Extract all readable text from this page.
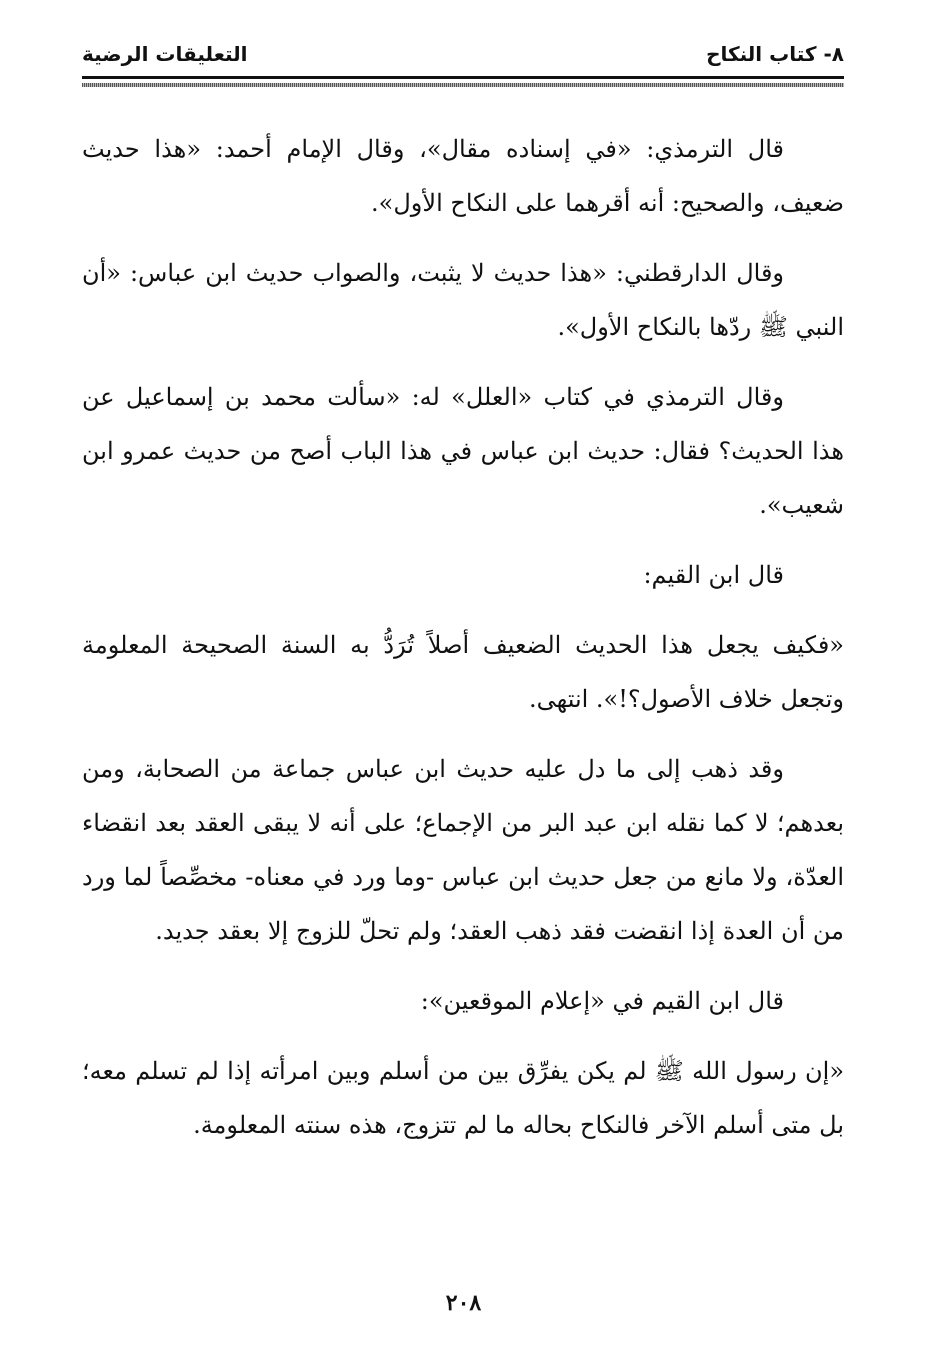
٨- كتاب النكاح
التعليقات الرضية

قال الترمذي: «في إسناده مقال»، وقال الإمام أحمد: «هذا حديث ضعيف، والصحيح: أنه أقرهما على النكاح الأول».

وقال الدارقطني: «هذا حديث لا يثبت، والصواب حديث ابن عباس: «أن النبي ﷺ ردّها بالنكاح الأول».

وقال الترمذي في كتاب «العلل» له: «سألت محمد بن إسماعيل عن هذا الحديث؟ فقال: حديث ابن عباس في هذا الباب أصح من حديث عمرو ابن شعيب».

قال ابن القيم:

«فكيف يجعل هذا الحديث الضعيف أصلاً تُرَدُّ به السنة الصحيحة المعلومة وتجعل خلاف الأصول؟!». انتهى.

وقد ذهب إلى ما دل عليه حديث ابن عباس جماعة من الصحابة، ومن بعدهم؛ لا كما نقله ابن عبد البر من الإجماع؛ على أنه لا يبقى العقد بعد انقضاء العدّة، ولا مانع من جعل حديث ابن عباس -وما ورد في معناه- مخصِّصاً لما ورد من أن العدة إذا انقضت فقد ذهب العقد؛ ولم تحلّ للزوج إلا بعقد جديد.

قال ابن القيم في «إعلام الموقعين»:

«إن رسول الله ﷺ لم يكن يفرِّق بين من أسلم وبين امرأته إذا لم تسلم معه؛ بل متى أسلم الآخر فالنكاح بحاله ما لم تتزوج، هذه سنته المعلومة.

٢٠٨
